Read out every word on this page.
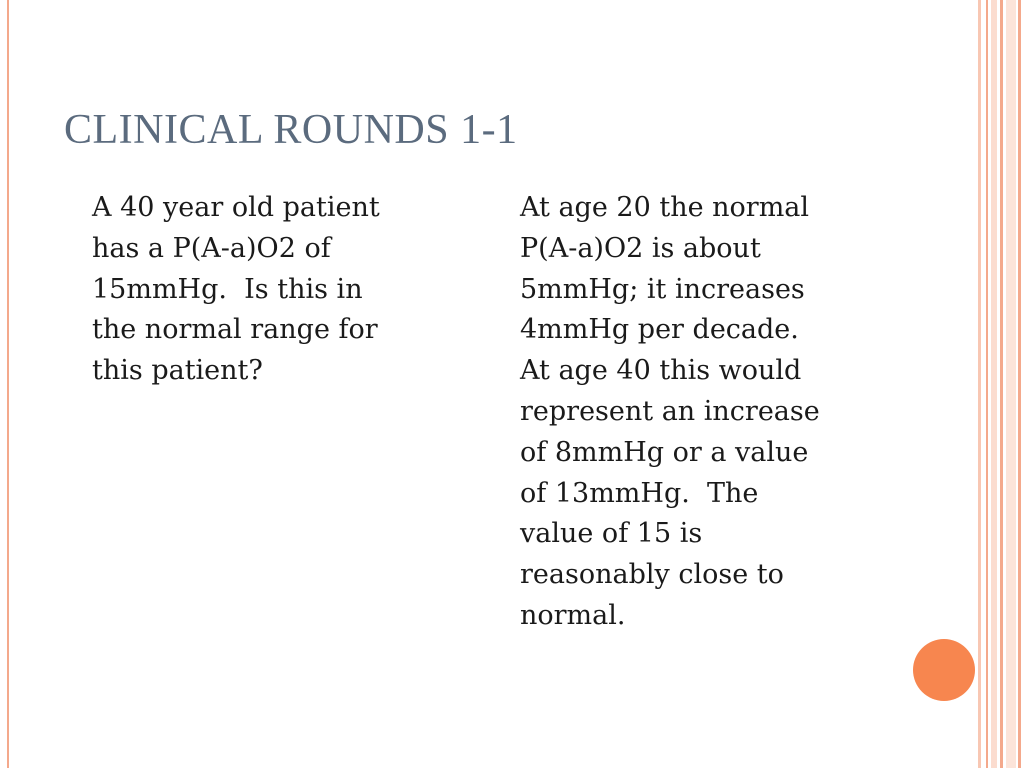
CLINICAL ROUNDS 1-1
A 40 year old patient
has a P(A-a)O2 of
15mmHg.  Is this in
the normal range for
this patient?
At age 20 the normal
P(A-a)O2 is about
5mmHg; it increases
4mmHg per decade.
At age 40 this would
represent an increase
of 8mmHg or a value
of 13mmHg.  The
value of 15 is
reasonably close to
normal.
